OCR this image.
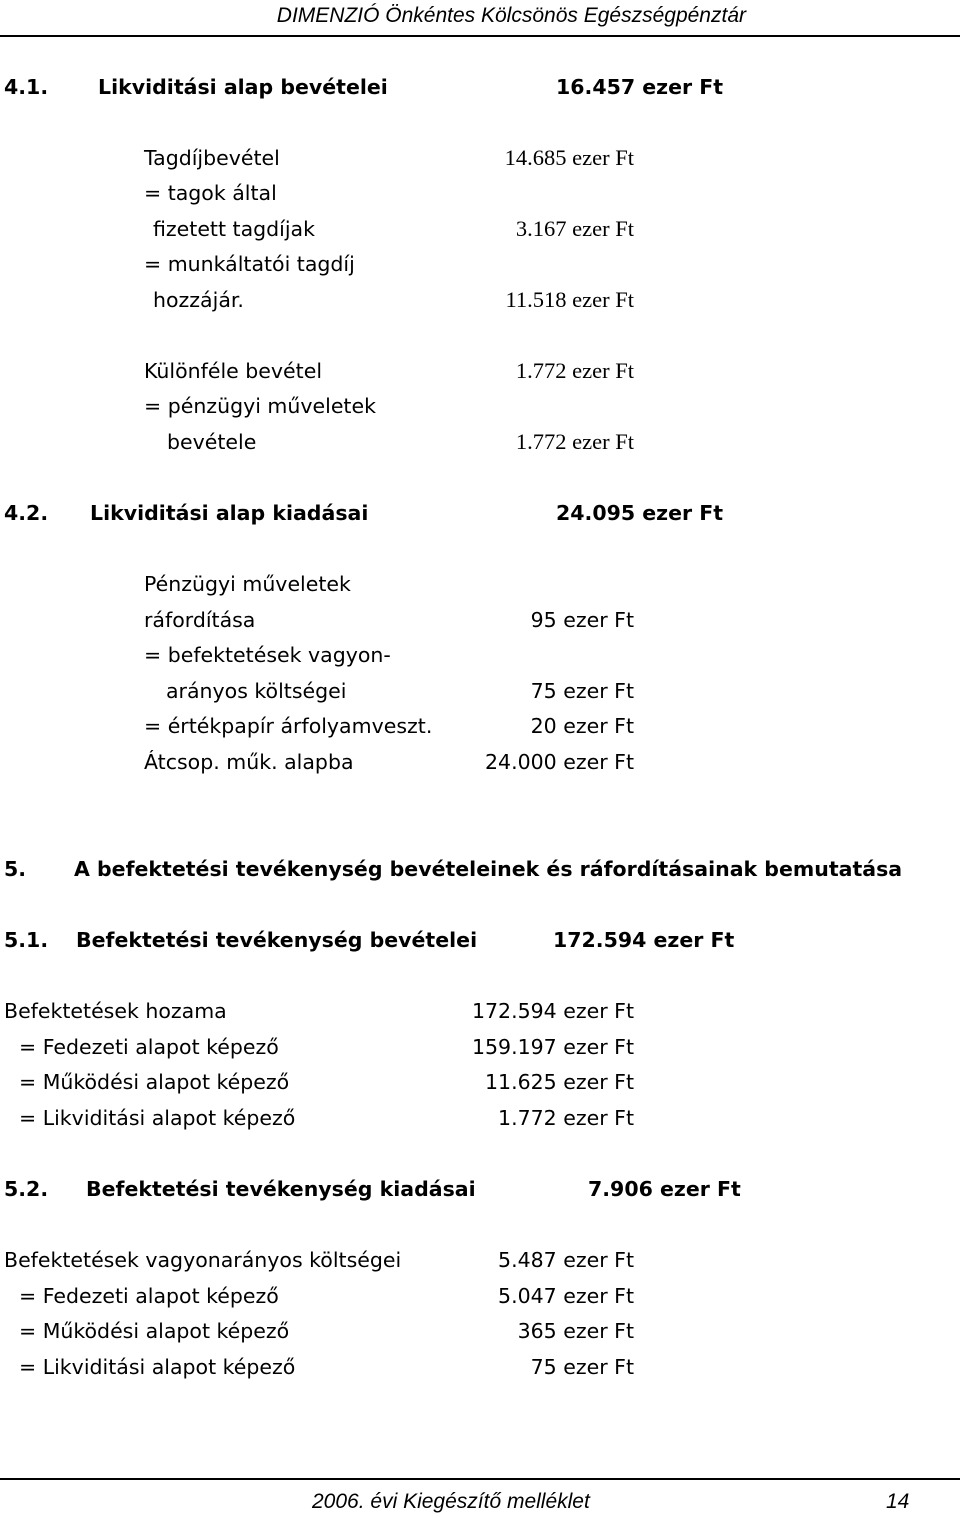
DIMENZIÓ Önkéntes Kölcsönös Egészségpénztár
4.1. Likviditási alap bevételei	16.457 ezer Ft
Tagdíjbevétel	14.685 ezer Ft
= tagok által
fizetett tagdíjak	3.167 ezer Ft
= munkáltatói tagdíj
hozzájár.	11.518 ezer Ft
Különféle bevétel	1.772 ezer Ft
= pénzügyi műveletek
bevétele	1.772 ezer Ft
4.2. Likviditási alap kiadásai	24.095 ezer Ft
Pénzügyi műveletek
ráfordítása	95 ezer Ft
= befektetések vagyon-
arányos költségei	75 ezer Ft
= értékpapír árfolyamveszt.	20 ezer Ft
Átcsop. műk. alapba	24.000 ezer Ft
5. A befektetési tevékenység bevételeinek és ráfordításainak bemutatása
5.1. Befektetési tevékenység bevételei	172.594 ezer Ft
Befektetések hozama	172.594 ezer Ft
= Fedezeti alapot képező	159.197 ezer Ft
= Működési alapot képező	11.625 ezer Ft
= Likviditási alapot képező	1.772 ezer Ft
5.2. Befektetési tevékenység kiadásai	7.906 ezer Ft
Befektetések vagyonarányos költségei	5.487 ezer Ft
= Fedezeti alapot képező	5.047 ezer Ft
= Működési alapot képező	365 ezer Ft
= Likviditási alapot képező	75 ezer Ft
2006. évi Kiegészítő melléklet	14
